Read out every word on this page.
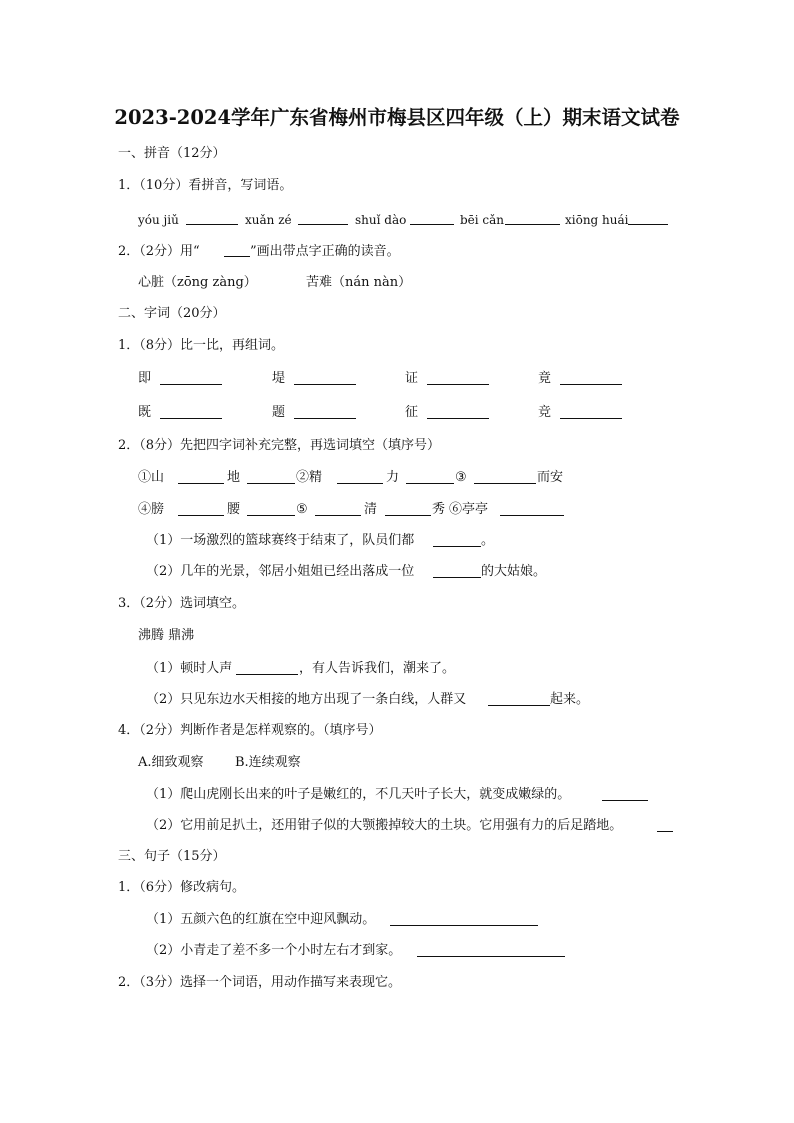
2023-2024学年广东省梅州市梅县区四年级（上）期末语文试卷
一、拼音（12分）
1．（10分）看拼音，写词语。
yóu jiǔ	xuǎn zé	shuǐ dào	bēi cǎn	xiōng huái
2．（2分）用“	”画出带点字正确的读音。
心脏（zōng zàng）	苦难（nán nàn）
二、字词（20分）
1．（8分）比一比，再组词。
即	堤	证	竟
既	题	征	竞
2．（8分）先把四字词补充完整，再选词填空（填序号）
①山	地	②精	力	③	而安
④膀	腰	⑤	清	秀 ⑥亭亭
（1）一场激烈的篮球赛终于结束了，队员们都	。
（2）几年的光景，邻居小姐姐已经出落成一位	的大姑娘。
3．（2分）选词填空。
沸腾 鼎沸
（1）顿时人声	，有人告诉我们，潮来了。
（2）只见东边水天相接的地方出现了一条白线，人群又	起来。
4．（2分）判断作者是怎样观察的。（填序号）
A.细致观察 B.连续观察
（1）爬山虎刚长出来的叶子是嫩红的，不几天叶子长大，就变成嫩绿的。
（2）它用前足扒土，还用钳子似的大颚搬掉较大的土块。它用强有力的后足踏地。
三、句子（15分）
1．（6分）修改病句。
（1）五颜六色的红旗在空中迎风飘动。
（2）小青走了差不多一个小时左右才到家。
2．（3分）选择一个词语，用动作描写来表现它。
